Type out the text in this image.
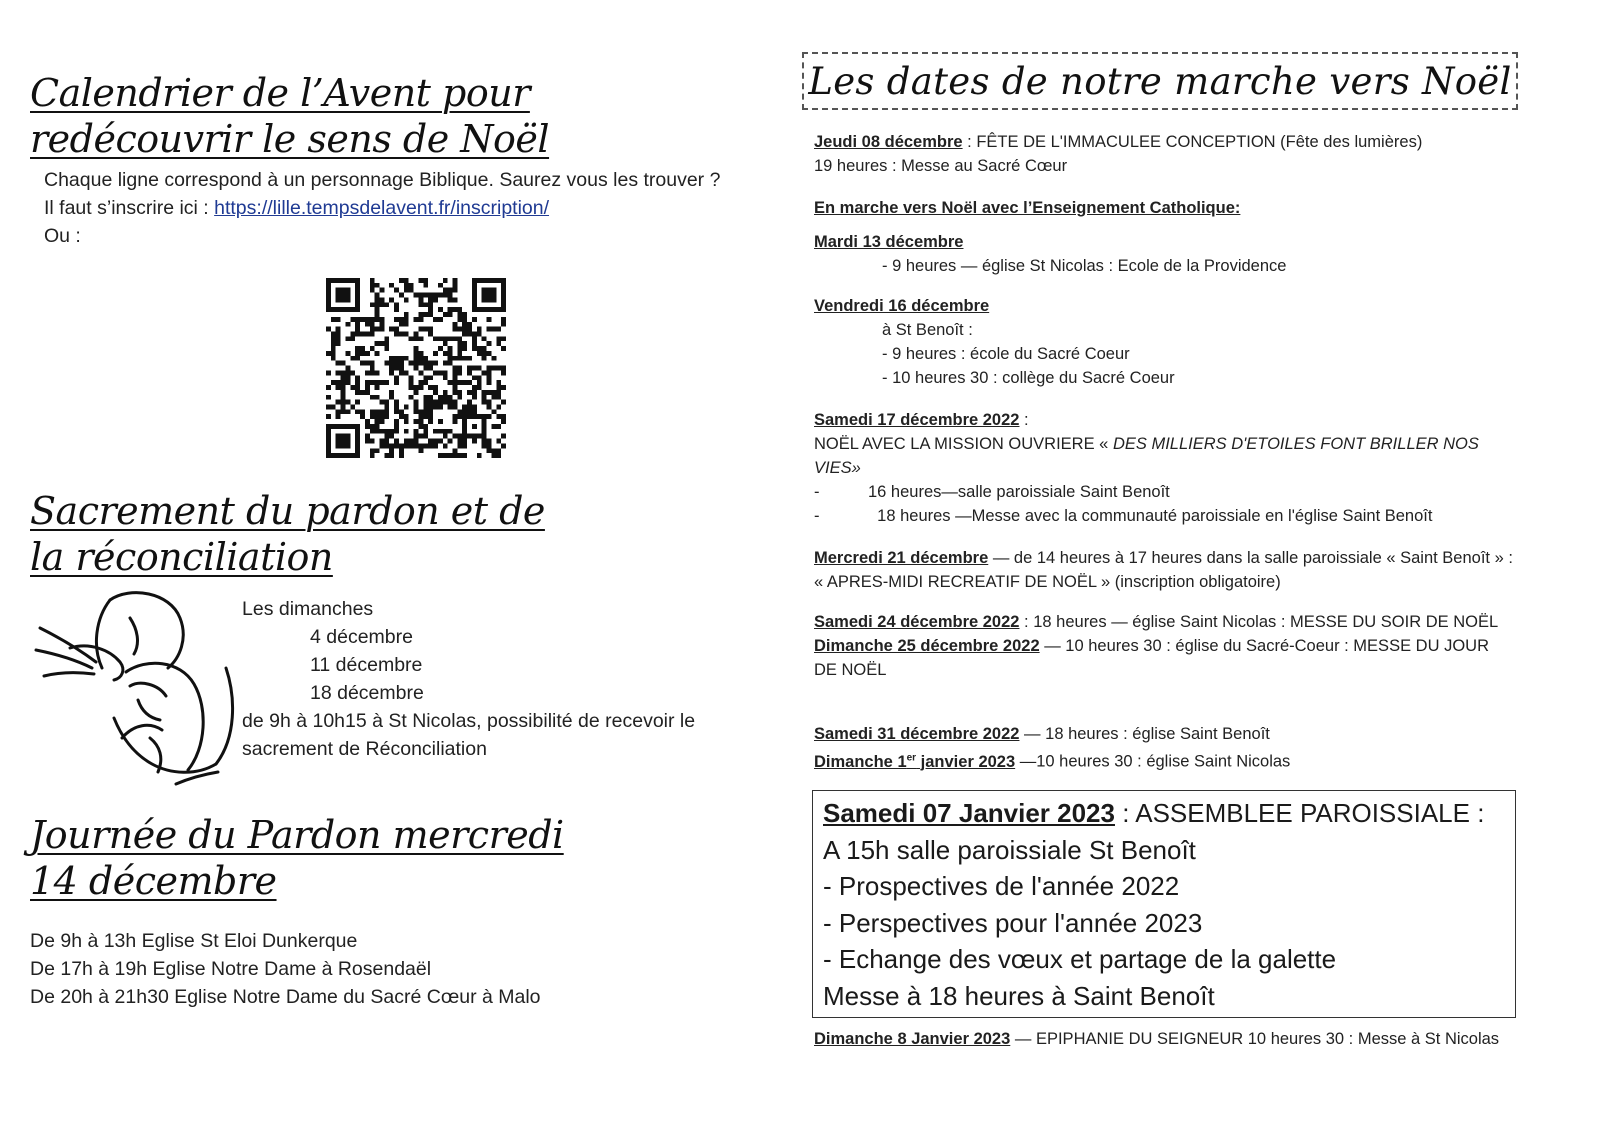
Calendrier de l’Avent pour redécouvrir le sens de Noël
Chaque ligne correspond à un personnage Biblique. Saurez vous les trouver ?
Il faut s’inscrire ici : https://lille.tempsdelavent.fr/inscription/
Ou :
Sacrement du pardon et de la réconciliation
Les dimanches
4 décembre
11 décembre
18 décembre
de 9h à 10h15 à St Nicolas, possibilité de recevoir le sacrement de Réconciliation
Journée du Pardon mercredi 14 décembre
De 9h à 13h Eglise St Eloi Dunkerque
De 17h à 19h Eglise Notre Dame à Rosendaël
De 20h à 21h30 Eglise Notre Dame du Sacré Cœur à Malo
Les dates de notre marche vers Noël

Jeudi 08 décembre : FÊTE DE L'IMMACULEE CONCEPTION (Fête des lumières)

19 heures : Messe au Sacré Cœur

En marche vers Noël avec l’Enseignement Catholique:

Mardi 13 décembre

- 9 heures — église St Nicolas : Ecole de la Providence

Vendredi 16 décembre

à St Benoît :

- 9 heures : école du Sacré Coeur

- 10 heures 30 : collège du Sacré Coeur

Samedi 17 décembre 2022 :

NOËL AVEC LA MISSION OUVRIERE « DES MILLIERS D'ETOILES FONT BRILLER NOS VIES»

-	16 heures—salle paroissiale Saint Benoît

-	18 heures —Messe avec la communauté paroissiale en l'église Saint Benoît

Mercredi 21 décembre — de 14 heures à 17 heures dans la salle paroissiale « Saint Benoît » : « APRES-MIDI RECREATIF DE NOËL » (inscription obligatoire)

Samedi 24 décembre 2022 : 18 heures — église Saint Nicolas : MESSE DU SOIR DE NOËL

Dimanche 25 décembre 2022 — 10 heures 30 : église du Sacré-Coeur : MESSE DU JOUR DE NOËL

Samedi 31 décembre 2022 — 18 heures : église Saint Benoît

Dimanche 1er janvier 2023 —10 heures 30 : église Saint Nicolas

Samedi 07 Janvier 2023 : ASSEMBLEE PAROISSIALE :
A 15h salle paroissiale St Benoît
- Prospectives de l'année 2022
- Perspectives pour l'année 2023
- Echange des vœux et partage de la galette
Messe à 18 heures à Saint Benoît

Dimanche 8 Janvier 2023 — EPIPHANIE DU SEIGNEUR 10 heures 30 : Messe à St Nicolas
